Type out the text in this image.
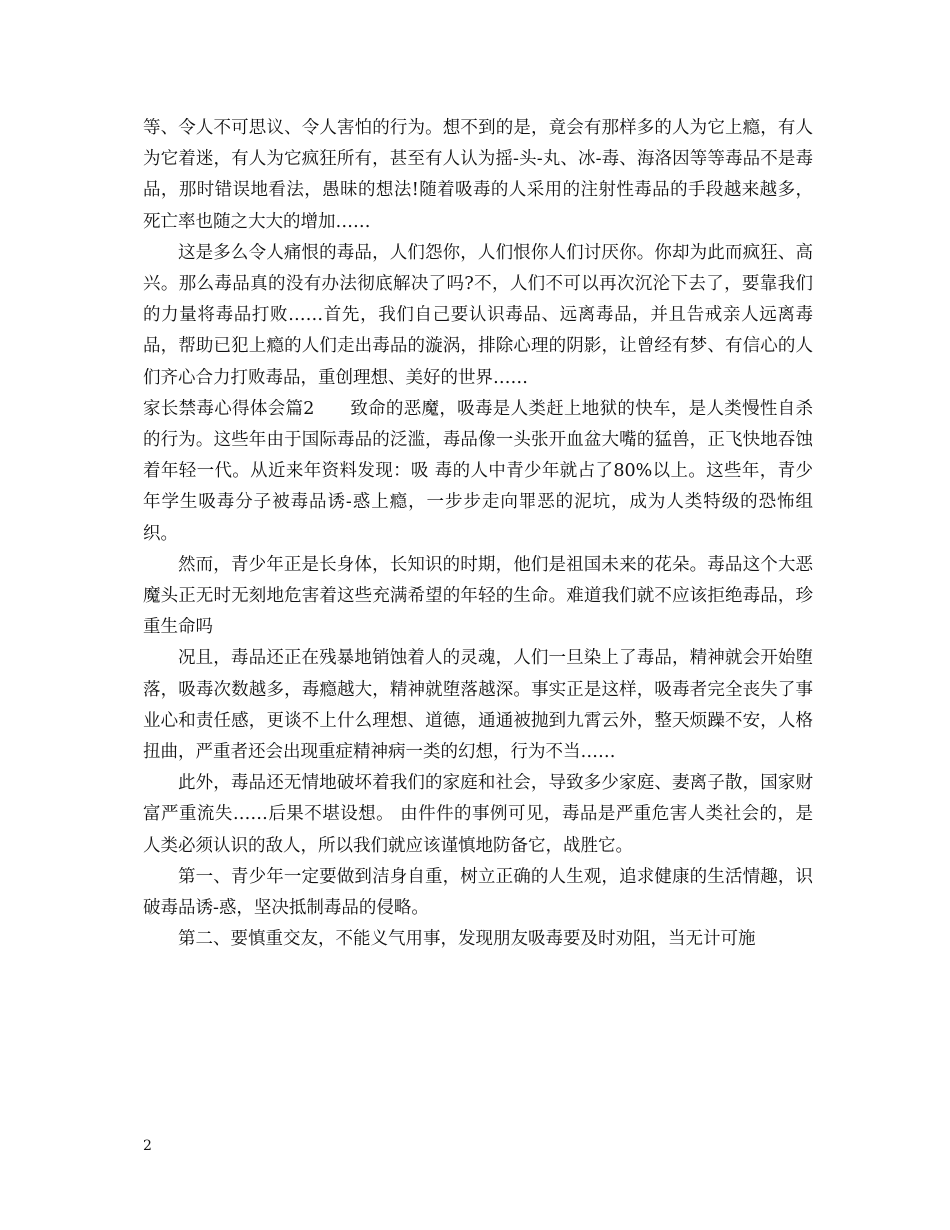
等、令人不可思议、令人害怕的行为。想不到的是，竟会有那样多的人为它上瘾，有人为它着迷，有人为它疯狂所有，甚至有人认为摇-头-丸、冰-毒、海洛因等等毒品不是毒品，那时错误地看法，愚昧的想法!随着吸毒的人采用的注射性毒品的手段越来越多，死亡率也随之大大的增加……

这是多么令人痛恨的毒品，人们怨你，人们恨你人们讨厌你。你却为此而疯狂、高兴。那么毒品真的没有办法彻底解决了吗?不，人们不可以再次沉沦下去了，要靠我们的力量将毒品打败……首先，我们自己要认识毒品、远离毒品，并且告戒亲人远离毒品，帮助已犯上瘾的人们走出毒品的漩涡，排除心理的阴影，让曾经有梦、有信心的人们齐心合力打败毒品，重创理想、美好的世界……

家长禁毒心得体会篇2　　致命的恶魔，吸毒是人类赶上地狱的快车，是人类慢性自杀的行为。这些年由于国际毒品的泛滥，毒品像一头张开血盆大嘴的猛兽，正飞快地吞蚀着年轻一代。从近来年资料发现：吸 毒的人中青少年就占了80%以上。这些年，青少年学生吸毒分子被毒品诱-惑上瘾，一步步走向罪恶的泥坑，成为人类特级的恐怖组织。

然而，青少年正是长身体，长知识的时期，他们是祖国未来的花朵。毒品这个大恶魔头正无时无刻地危害着这些充满希望的年轻的生命。难道我们就不应该拒绝毒品，珍重生命吗

况且，毒品还正在残暴地销蚀着人的灵魂，人们一旦染上了毒品，精神就会开始堕落，吸毒次数越多，毒瘾越大，精神就堕落越深。事实正是这样，吸毒者完全丧失了事业心和责任感，更谈不上什么理想、道德，通通被抛到九霄云外，整天烦躁不安，人格扭曲，严重者还会出现重症精神病一类的幻想，行为不当……

此外，毒品还无情地破坏着我们的家庭和社会，导致多少家庭、妻离子散，国家财富严重流失……后果不堪设想。 由件件的事例可见，毒品是严重危害人类社会的，是人类必须认识的敌人，所以我们就应该谨慎地防备它，战胜它。

第一、青少年一定要做到洁身自重，树立正确的人生观，追求健康的生活情趣，识破毒品诱-惑，坚决抵制毒品的侵略。

第二、要慎重交友，不能义气用事，发现朋友吸毒要及时劝阻，当无计可施

2
